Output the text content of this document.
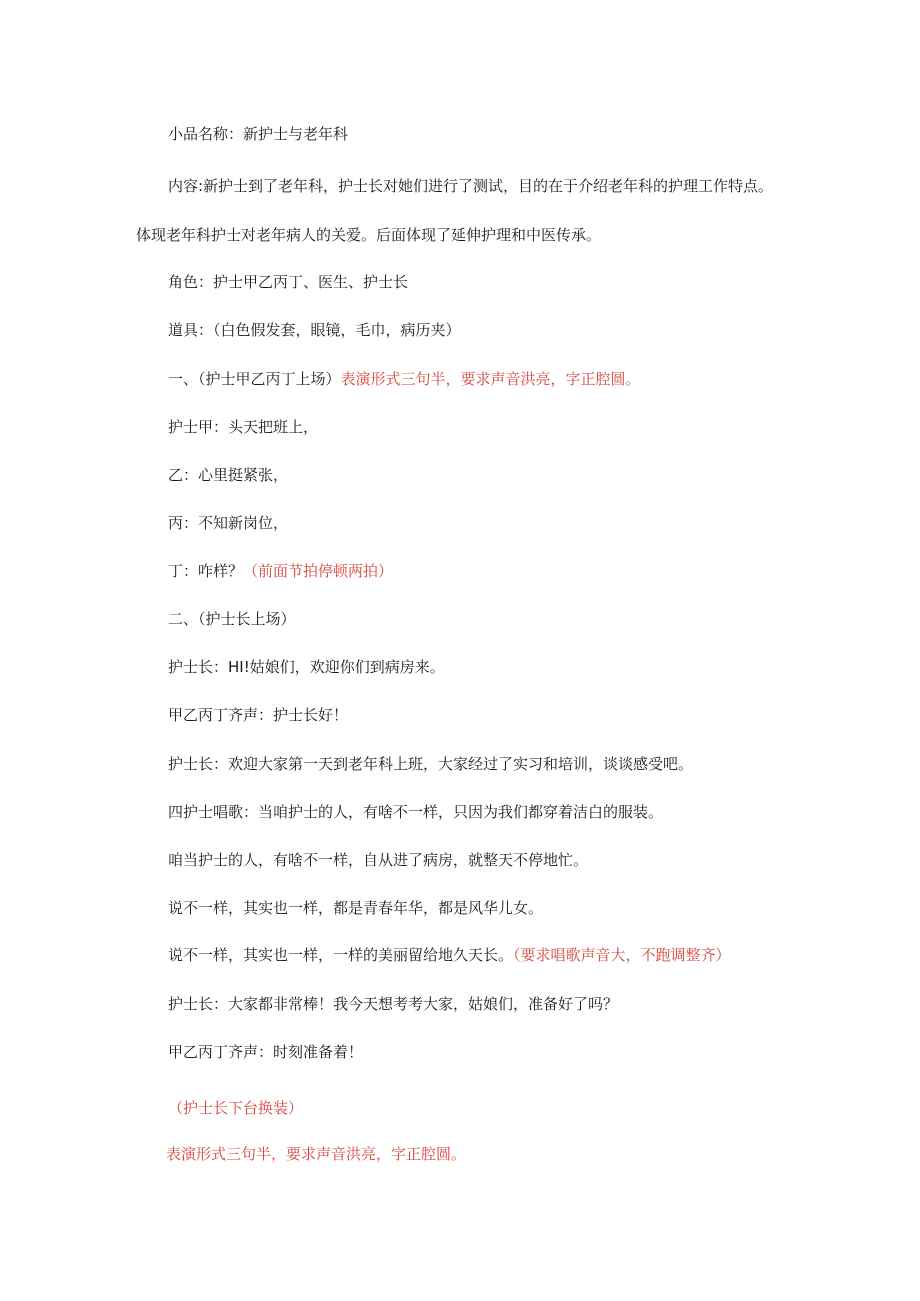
小品名称：新护士与老年科
内容:新护士到了老年科，护士长对她们进行了测试，目的在于介绍老年科的护理工作特点。
体现老年科护士对老年病人的关爱。后面体现了延伸护理和中医传承。
角色：护士甲乙丙丁、医生、护士长
道具：（白色假发套，眼镜，毛巾，病历夹）
一、（护士甲乙丙丁上场）表演形式三句半，要求声音洪亮，字正腔圆。
护士甲：头天把班上，
乙：心里挺紧张，
丙：不知新岗位，
丁：咋样？（前面节拍停顿两拍）
二、（护士长上场）
护士长：HI!姑娘们，欢迎你们到病房来。
甲乙丙丁齐声：护士长好！
护士长：欢迎大家第一天到老年科上班，大家经过了实习和培训，谈谈感受吧。
四护士唱歌：当咱护士的人，有啥不一样，只因为我们都穿着洁白的服装。
咱当护士的人，有啥不一样，自从进了病房，就整天不停地忙。
说不一样，其实也一样，都是青春年华，都是风华儿女。
说不一样，其实也一样，一样的美丽留给地久天长。（要求唱歌声音大，不跑调整齐）
护士长：大家都非常棒！我今天想考考大家，姑娘们，准备好了吗？
甲乙丙丁齐声：时刻准备着！
（护士长下台换装）
表演形式三句半，要求声音洪亮，字正腔圆。
